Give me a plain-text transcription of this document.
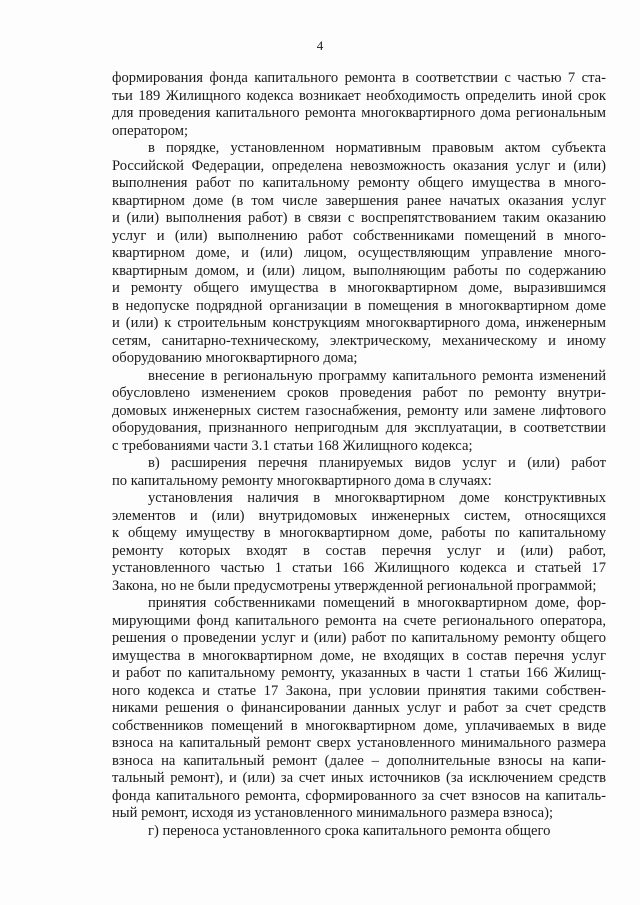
4
формирования фонда капитального ремонта в соответствии с частью 7 ста-
тьи 189 Жилищного кодекса возникает необходимость определить иной срок
для проведения капитального ремонта многоквартирного дома региональным
оператором;
в порядке, установленном нормативным правовым актом субъекта
Российской Федерации, определена невозможность оказания услуг и (или)
выполнения работ по капитальному ремонту общего имущества в много-
квартирном доме (в том числе завершения ранее начатых оказания услуг
и (или) выполнения работ) в связи с воспрепятствованием таким оказанию
услуг и (или) выполнению работ собственниками помещений в много-
квартирном доме, и (или) лицом, осуществляющим управление много-
квартирным домом, и (или) лицом, выполняющим работы по содержанию
и ремонту общего имущества в многоквартирном доме, выразившимся
в недопуске подрядной организации в помещения в многоквартирном доме
и (или) к строительным конструкциям многоквартирного дома, инженерным
сетям, санитарно-техническому, электрическому, механическому и иному
оборудованию многоквартирного дома;
внесение в региональную программу капитального ремонта изменений
обусловлено изменением сроков проведения работ по ремонту внутри-
домовых инженерных систем газоснабжения, ремонту или замене лифтового
оборудования, признанного непригодным для эксплуатации, в соответствии
с требованиями части 3.1 статьи 168 Жилищного кодекса;
в) расширения перечня планируемых видов услуг и (или) работ
по капитальному ремонту многоквартирного дома в случаях:
установления наличия в многоквартирном доме конструктивных
элементов и (или) внутридомовых инженерных систем, относящихся
к общему имуществу в многоквартирном доме, работы по капитальному
ремонту которых входят в состав перечня услуг и (или) работ,
установленного частью 1 статьи 166 Жилищного кодекса и статьей 17
Закона, но не были предусмотрены утвержденной региональной программой;
принятия собственниками помещений в многоквартирном доме, фор-
мирующими фонд капитального ремонта на счете регионального оператора,
решения о проведении услуг и (или) работ по капитальному ремонту общего
имущества в многоквартирном доме, не входящих в состав перечня услуг
и работ по капитальному ремонту, указанных в части 1 статьи 166 Жилищ-
ного кодекса и статье 17 Закона, при условии принятия такими собствен-
никами решения о финансировании данных услуг и работ за счет средств
собственников помещений в многоквартирном доме, уплачиваемых в виде
взноса на капитальный ремонт сверх установленного минимального размера
взноса на капитальный ремонт (далее – дополнительные взносы на капи-
тальный ремонт), и (или) за счет иных источников (за исключением средств
фонда капитального ремонта, сформированного за счет взносов на капиталь-
ный ремонт, исходя из установленного минимального размера взноса);
г) переноса установленного срока капитального ремонта общего
